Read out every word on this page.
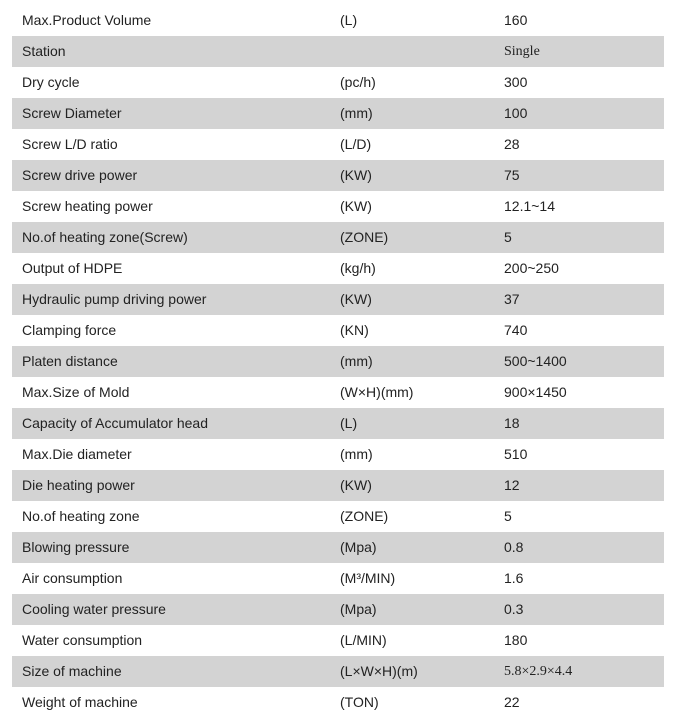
Max.Product Volume	(L)	160
Station		Single
Dry cycle	(pc/h)	300
Screw Diameter	(mm)	100
Screw L/D ratio	(L/D)	28
Screw drive power	(KW)	75
Screw heating power	(KW)	12.1~14
No.of heating zone(Screw)	(ZONE)	5
Output of HDPE	(kg/h)	200~250
Hydraulic pump driving power	(KW)	37
Clamping force	(KN)	740
Platen distance	(mm)	500~1400
Max.Size of Mold	(W×H)(mm)	900×1450
Capacity of Accumulator head	(L)	18
Max.Die diameter	(mm)	510
Die heating power	(KW)	12
No.of heating zone	(ZONE)	5
Blowing pressure	(Mpa)	0.8
Air consumption	(M³/MIN)	1.6
Cooling water pressure	(Mpa)	0.3
Water consumption	(L/MIN)	180
Size of machine	(L×W×H)(m)	5.8×2.9×4.4
Weight of machine	(TON)	22
